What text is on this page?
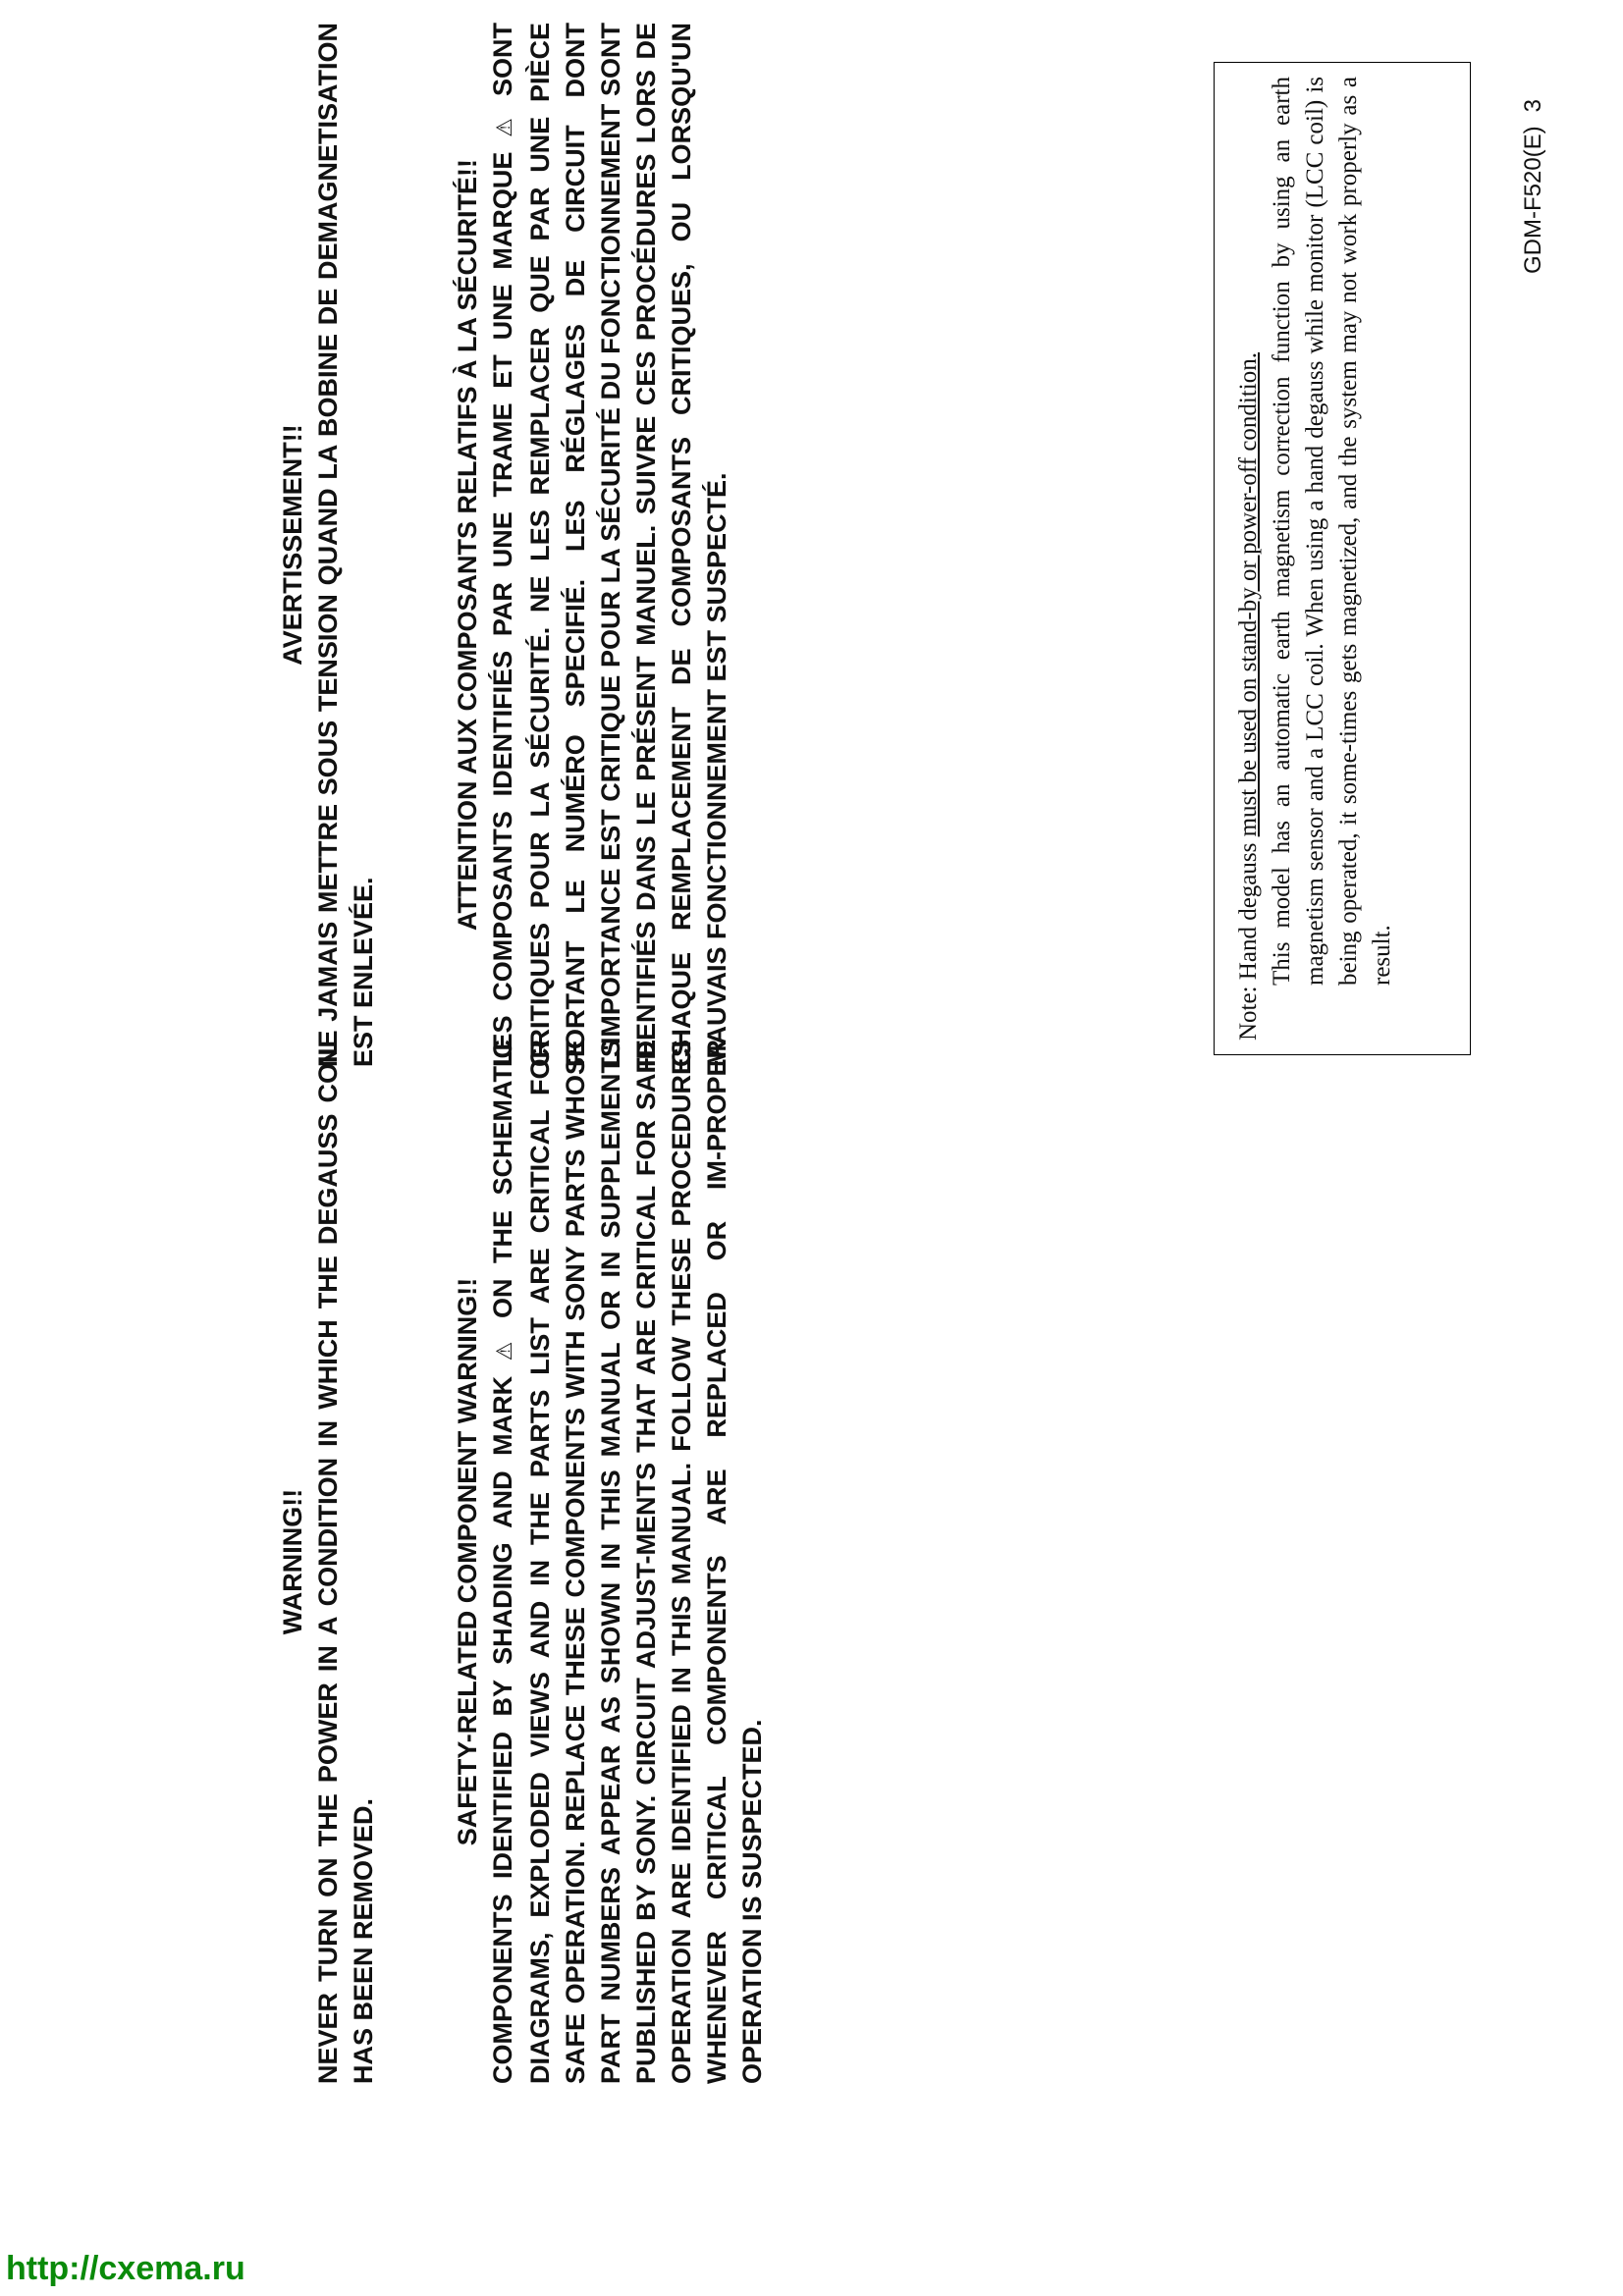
WARNING!! NEVER TURN ON THE POWER IN A CONDITION IN WHICH THE DEGAUSS COIL HAS BEEN REMOVED.

SAFETY-RELATED COMPONENT WARNING!! COMPONENTS IDENTIFIED BY SHADING AND MARK ⚠ ON THE SCHEMATIC DIAGRAMS, EXPLODED VIEWS AND IN THE PARTS LIST ARE CRITICAL FOR SAFE OPERATION. REPLACE THESE COMPONENTS WITH SONY PARTS WHOSE PART NUMBERS APPEAR AS SHOWN IN THIS MANUAL OR IN SUPPLEMENTS PUBLISHED BY SONY. CIRCUIT ADJUST-MENTS THAT ARE CRITICAL FOR SAFE OPERATION ARE IDENTIFIED IN THIS MANUAL. FOLLOW THESE PROCEDURES WHENEVER CRITICAL COMPONENTS ARE REPLACED OR IM-PROPER OPERATION IS SUSPECTED.

AVERTISSEMENT!! NE JAMAIS METTRE SOUS TENSION QUAND LA BOBINE DE DEMAGNETISATION EST ENLEVÉE.

ATTENTION AUX COMPOSANTS RELATIFS À LA SÉCURITÉ!! LES COMPOSANTS IDENTIFIÉS PAR UNE TRAME ET UNE MARQUE ⚠ SONT CRITIQUES POUR LA SÉCURITÉ. NE LES REMPLACER QUE PAR UNE PIÈCE PORTANT LE NUMÉRO SPECIFIÉ. LES RÉGLAGES DE CIRCUIT DONT L'IMPORTANCE EST CRITIQUE POUR LA SÉCURITÉ DU FONCTIONNEMENT SONT IDENTIFIÉS DANS LE PRÉSENT MANUEL. SUIVRE CES PROCÉDURES LORS DE CHAQUE REMPLACEMENT DE COMPOSANTS CRITIQUES, OU LORSQU'UN MAUVAIS FONCTIONNEMENT EST SUSPECTÉ.	Note: Hand degauss must be used on stand-by or power-off condition. This model has an automatic earth magnetism correction function by using an earth magnetism sensor and a LCC coil. When using a hand degauss while monitor (LCC coil) is being operated, it some-times gets magnetized, and the system may not work properly as a result.
GDM-F520(E)3
http://cxema.ru
